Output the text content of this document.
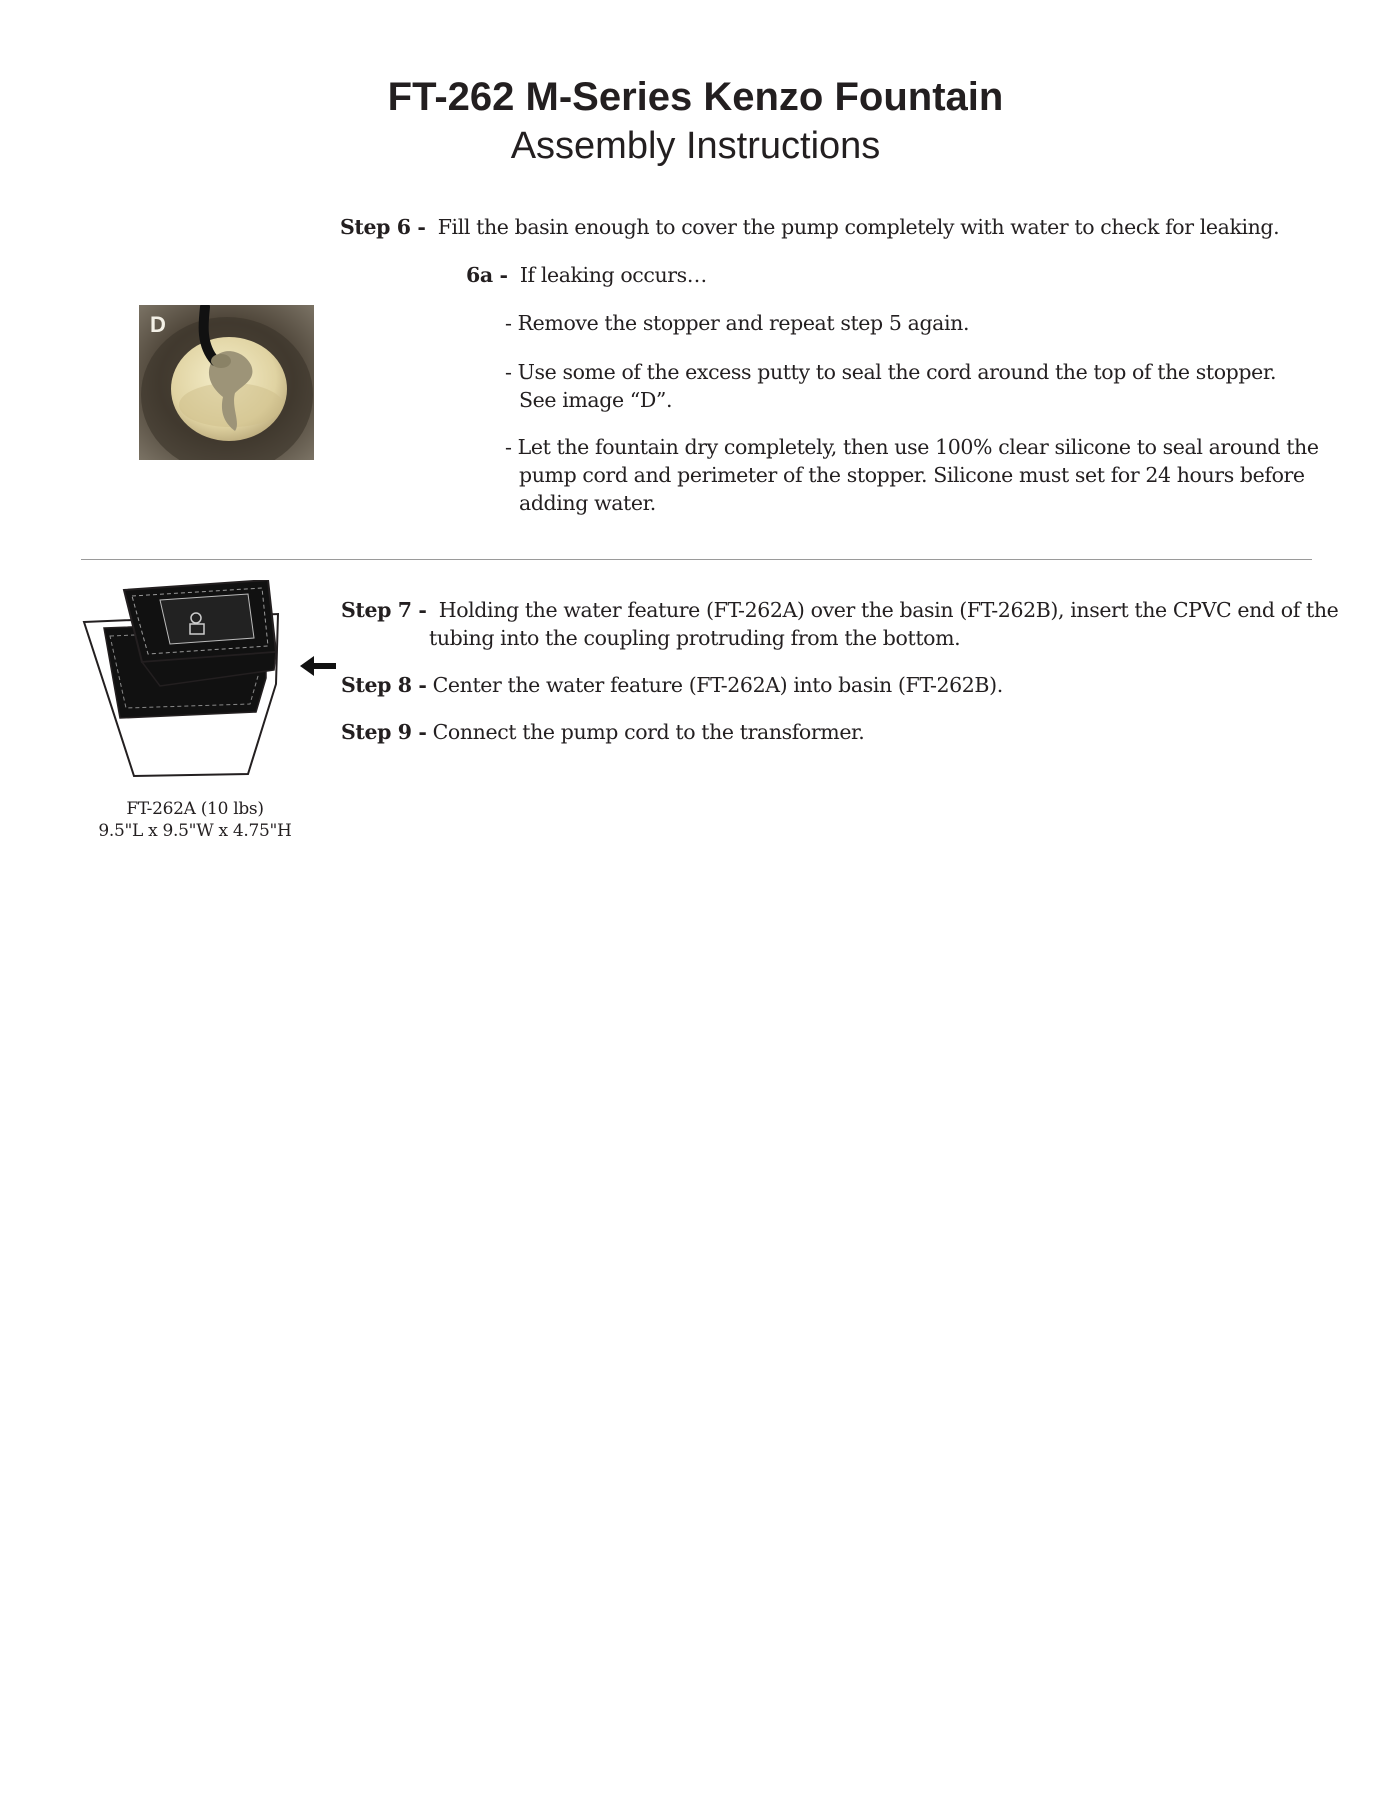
FT-262 M-Series Kenzo Fountain
Assembly Instructions
Step 6 - Fill the basin enough to cover the pump completely with water to check for leaking.
6a - If leaking occurs…
- Remove the stopper and repeat step 5 again.
- Use some of the excess putty to seal the cord around the top of the stopper.
See image “D”.
- Let the fountain dry completely, then use 100% clear silicone to seal around the
pump cord and perimeter of the stopper. Silicone must set for 24 hours before
adding water.
D
Step 7 - Holding the water feature (FT-262A) over the basin (FT-262B), insert the CPVC end of the
tubing into the coupling protruding from the bottom.
Step 8 - Center the water feature (FT-262A) into basin (FT-262B).
Step 9 - Connect the pump cord to the transformer.
FT-262A (10 lbs)
9.5"L x 9.5"W x 4.75"H
